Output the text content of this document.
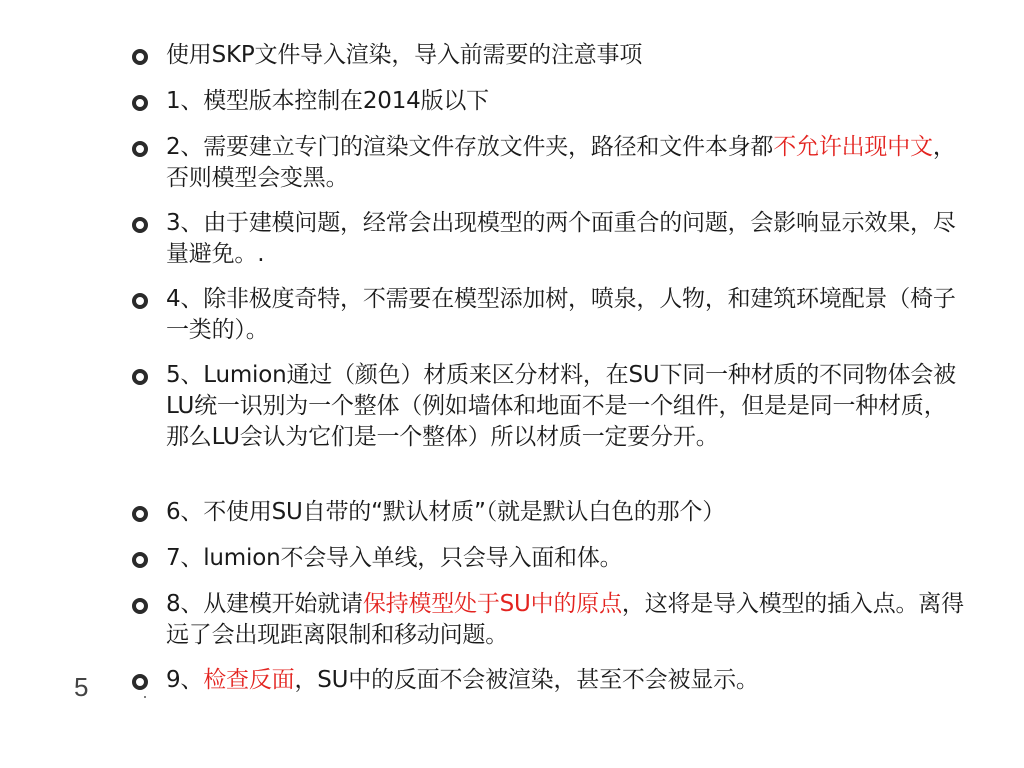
使用SKP文件导入渲染，导入前需要的注意事项
1、模型版本控制在2014版以下
2、需要建立专门的渲染文件存放文件夹，路径和文件本身都不允许出现中文，否则模型会变黑。
3、由于建模问题，经常会出现模型的两个面重合的问题，会影响显示效果，尽量避免。.
4、除非极度奇特，不需要在模型添加树，喷泉，人物，和建筑环境配景（椅子一类的）。
5、Lumion通过（颜色）材质来区分材料，在SU下同一种材质的不同物体会被LU统一识别为一个整体（例如墙体和地面不是一个组件，但是是同一种材质，那么LU会认为它们是一个整体）所以材质一定要分开。
6、不使用SU自带的“默认材质”（就是默认白色的那个）
7、lumion不会导入单线，只会导入面和体。
8、从建模开始就请保持模型处于SU中的原点，这将是导入模型的插入点。离得远了会出现距离限制和移动问题。
9、检查反面，SU中的反面不会被渲染，甚至不会被显示。
5
